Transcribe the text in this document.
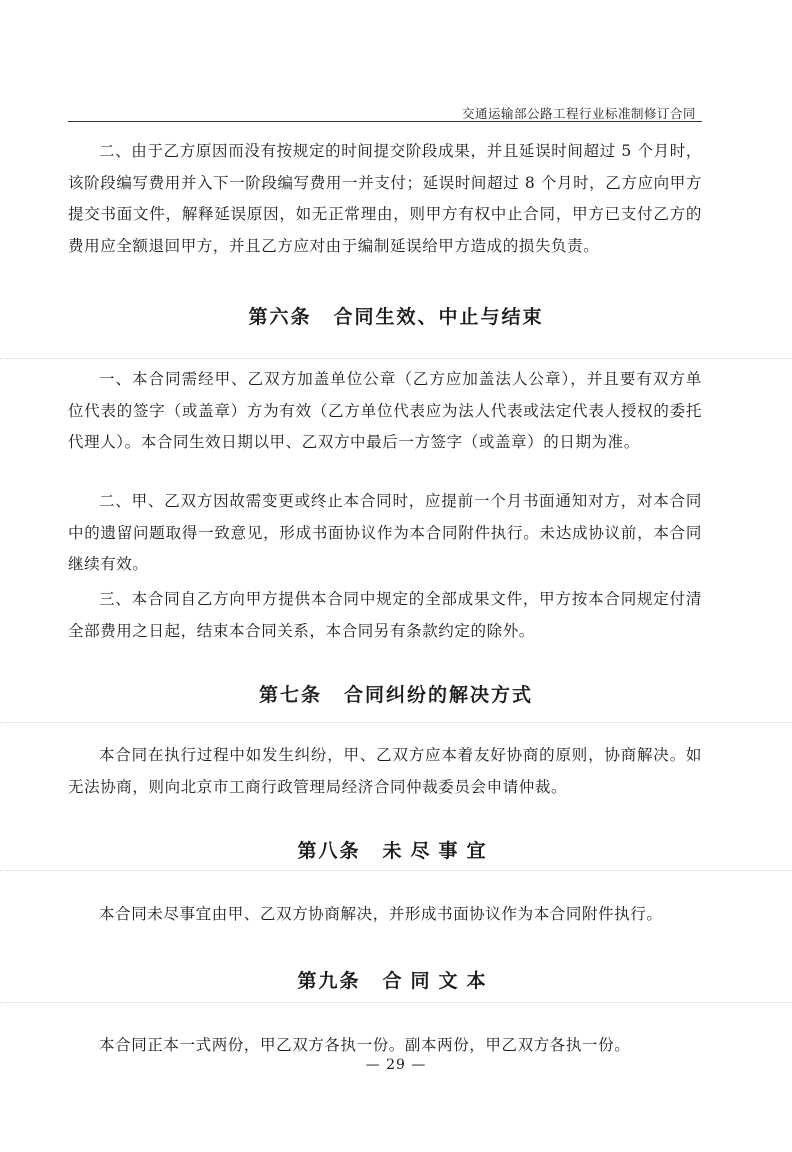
交通运输部公路工程行业标准制修订合同

二、由于乙方原因而没有按规定的时间提交阶段成果，并且延误时间超过 5 个月时，该阶段编写费用并入下一阶段编写费用一并支付；延误时间超过 8 个月时，乙方应向甲方提交书面文件，解释延误原因，如无正常理由，则甲方有权中止合同，甲方已支付乙方的费用应全额退回甲方，并且乙方应对由于编制延误给甲方造成的损失负责。

第六条 合同生效、中止与结束

一、本合同需经甲、乙双方加盖单位公章（乙方应加盖法人公章），并且要有双方单位代表的签字（或盖章）方为有效（乙方单位代表应为法人代表或法定代表人授权的委托代理人）。本合同生效日期以甲、乙双方中最后一方签字（或盖章）的日期为准。

二、甲、乙双方因故需变更或终止本合同时，应提前一个月书面通知对方，对本合同中的遗留问题取得一致意见，形成书面协议作为本合同附件执行。未达成协议前，本合同继续有效。

三、本合同自乙方向甲方提供本合同中规定的全部成果文件，甲方按本合同规定付清全部费用之日起，结束本合同关系，本合同另有条款约定的除外。

第七条 合同纠纷的解决方式

本合同在执行过程中如发生纠纷，甲、乙双方应本着友好协商的原则，协商解决。如无法协商，则向北京市工商行政管理局经济合同仲裁委员会申请仲裁。

第八条 未尽事宜

本合同未尽事宜由甲、乙双方协商解决，并形成书面协议作为本合同附件执行。

第九条 合同文本

本合同正本一式两份，甲乙双方各执一份。副本两份，甲乙双方各执一份。

— 29 —
